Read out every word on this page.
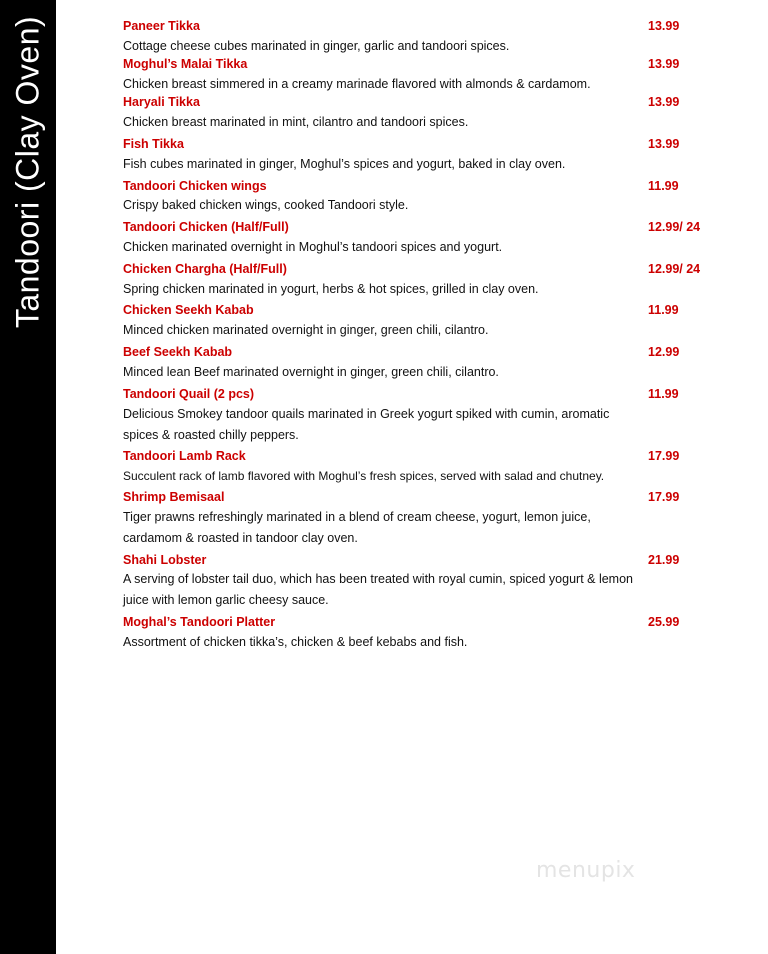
Tandoori (Clay Oven)	Paneer Tikka	13.99
Cottage cheese cubes marinated in ginger, garlic and tandoori spices.
Moghul’s Malai Tikka	13.99
Chicken breast simmered in a creamy marinade flavored with almonds & cardamom.
Haryali Tikka	13.99
Chicken breast marinated in mint, cilantro and tandoori spices.
Fish Tikka	13.99
Fish cubes marinated in ginger, Moghul’s spices and yogurt, baked in clay oven.
Tandoori Chicken wings	11.99
Crispy baked chicken wings, cooked Tandoori style.
Tandoori Chicken (Half/Full)	12.99/ 24
Chicken marinated overnight in Moghul’s tandoori spices and yogurt.
Chicken Chargha (Half/Full)	12.99/ 24
Spring chicken marinated in yogurt, herbs & hot spices, grilled in clay oven.
Chicken Seekh Kabab	11.99
Minced chicken marinated overnight in ginger, green chili, cilantro.
Beef Seekh Kabab	12.99
Minced lean Beef marinated overnight in ginger, green chili, cilantro.
Tandoori Quail (2 pcs)	11.99
Delicious Smokey tandoor quails marinated in Greek yogurt spiked with cumin, aromatic spices & roasted chilly peppers.
Tandoori Lamb Rack	17.99
Succulent rack of lamb flavored with Moghul’s fresh spices, served with salad and chutney.
Shrimp Bemisaal	17.99
Tiger prawns refreshingly marinated in a blend of cream cheese, yogurt, lemon juice, cardamom & roasted in tandoor clay oven.
Shahi Lobster	21.99
A serving of lobster tail duo, which has been treated with royal cumin, spiced yogurt & lemon juice with lemon garlic cheesy sauce.
Moghal’s Tandoori Platter	25.99
Assortment of chicken tikka’s, chicken & beef kebabs and fish.
menupix
